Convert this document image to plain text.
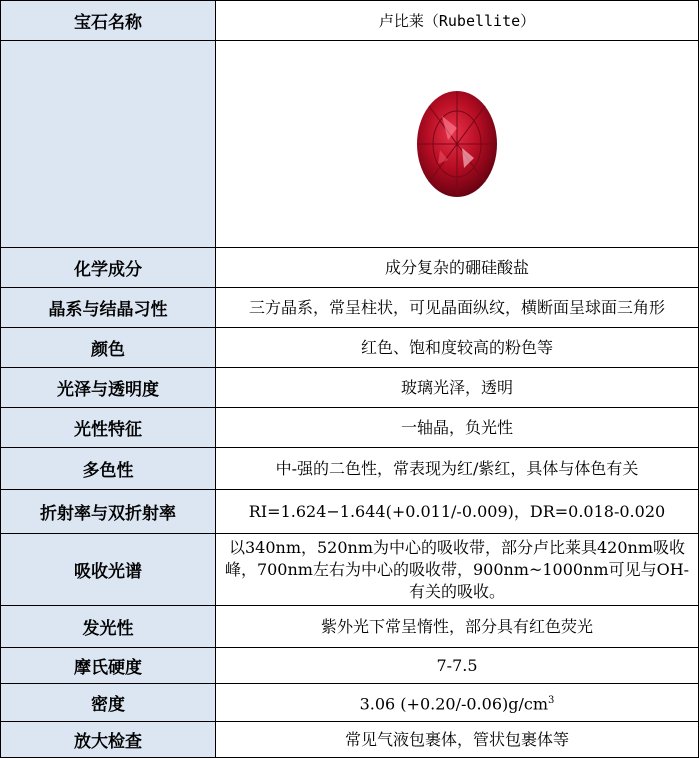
宝石名称	卢比莱（Rubellite）

化学成分	成分复杂的硼硅酸盐
晶系与结晶习性	三方晶系，常呈柱状，可见晶面纵纹，横断面呈球面三角形
颜色	红色、饱和度较高的粉色等
光泽与透明度	玻璃光泽，透明
光性特征	一轴晶，负光性
多色性	中-强的二色性，常表现为红/紫红，具体与体色有关
折射率与双折射率	RI=1.624−1.644(+0.011/-0.009)，DR=0.018-0.020
吸收光谱	以340nm，520nm为中心的吸收带，部分卢比莱具420nm吸收峰，700nm左右为中心的吸收带，900nm~1000nm可见与OH-有关的吸收。
发光性	紫外光下常呈惰性，部分具有红色荧光
摩氏硬度	7-7.5
密度	3.06 $(+0.20/-0.06)g/cm^3$
放大检查	常见气液包裹体，管状包裹体等
